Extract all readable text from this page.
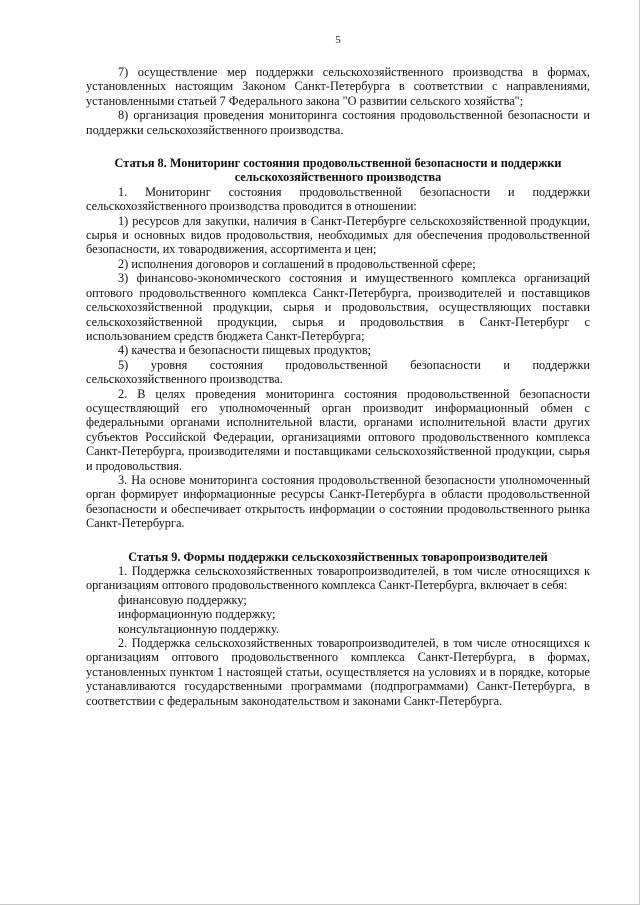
5

7) осуществление мер поддержки сельскохозяйственного производства в формах, установленных настоящим Законом Санкт-Петербурга в соответствии с направлениями, установленными статьей 7 Федерального закона "О развитии сельского хозяйства";

8) организация проведения мониторинга состояния продовольственной безопасности и поддержки сельскохозяйственного производства.

Статья 8. Мониторинг состояния продовольственной безопасности и поддержки сельскохозяйственного производства

1. Мониторинг состояния продовольственной безопасности и поддержки сельскохозяйственного производства проводится в отношении:

1) ресурсов для закупки, наличия в Санкт-Петербурге сельскохозяйственной продукции, сырья и основных видов продовольствия, необходимых для обеспечения продовольственной безопасности, их товародвижения, ассортимента и цен;

2) исполнения договоров и соглашений в продовольственной сфере;

3) финансово-экономического состояния и имущественного комплекса организаций оптового продовольственного комплекса Санкт-Петербурга, производителей и поставщиков сельскохозяйственной продукции, сырья и продовольствия, осуществляющих поставки сельскохозяйственной продукции, сырья и продовольствия в Санкт-Петербург с использованием средств бюджета Санкт-Петербурга;

4) качества и безопасности пищевых продуктов;

5) уровня состояния продовольственной безопасности и поддержки сельскохозяйственного производства.

2. В целях проведения мониторинга состояния продовольственной безопасности осуществляющий его уполномоченный орган производит информационный обмен с федеральными органами исполнительной власти, органами исполнительной власти других субъектов Российской Федерации, организациями оптового продовольственного комплекса Санкт-Петербурга, производителями и поставщиками сельскохозяйственной продукции, сырья и продовольствия.

3. На основе мониторинга состояния продовольственной безопасности уполномоченный орган формирует информационные ресурсы Санкт-Петербурга в области продовольственной безопасности и обеспечивает открытость информации о состоянии продовольственного рынка Санкт-Петербурга.

Статья 9. Формы поддержки сельскохозяйственных товаропроизводителей

1. Поддержка сельскохозяйственных товаропроизводителей, в том числе относящихся к организациям оптового продовольственного комплекса Санкт-Петербурга, включает в себя:

финансовую поддержку;

информационную поддержку;

консультационную поддержку.

2. Поддержка сельскохозяйственных товаропроизводителей, в том числе относящихся к организациям оптового продовольственного комплекса Санкт-Петербурга, в формах, установленных пунктом 1 настоящей статьи, осуществляется на условиях и в порядке, которые устанавливаются государственными программами (подпрограммами) Санкт-Петербурга, в соответствии с федеральным законодательством и законами Санкт-Петербурга.
